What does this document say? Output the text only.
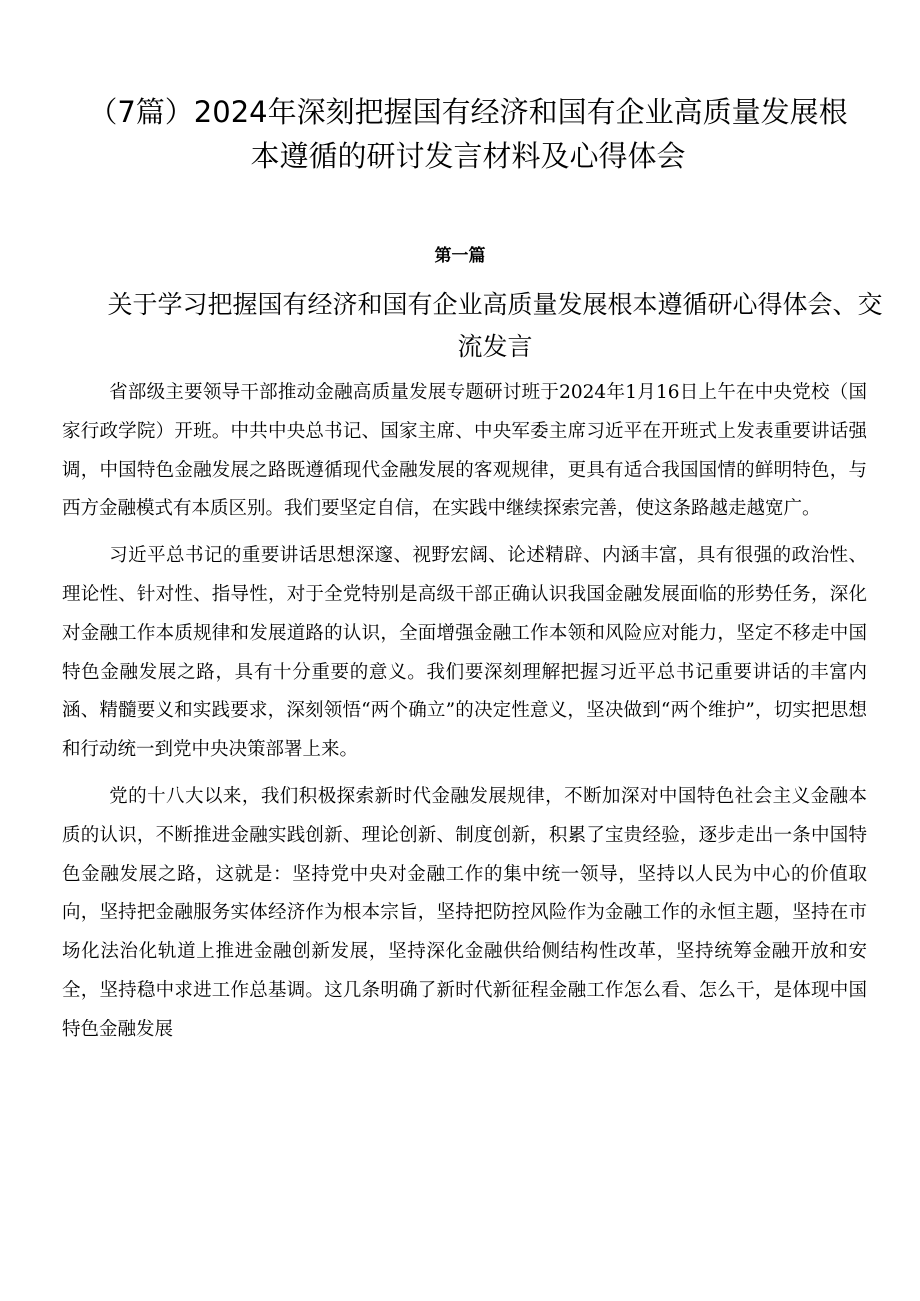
（7篇）2024年深刻把握国有经济和国有企业高质量发展根本遵循的研讨发言材料及心得体会
第一篇
关于学习把握国有经济和国有企业高质量发展根本遵循研心得体会、交流发言

省部级主要领导干部推动金融高质量发展专题研讨班于2024年1月16日上午在中央党校（国家行政学院）开班。中共中央总书记、国家主席、中央军委主席习近平在开班式上发表重要讲话强调，中国特色金融发展之路既遵循现代金融发展的客观规律，更具有适合我国国情的鲜明特色，与西方金融模式有本质区别。我们要坚定自信，在实践中继续探索完善，使这条路越走越宽广。

习近平总书记的重要讲话思想深邃、视野宏阔、论述精辟、内涵丰富，具有很强的政治性、理论性、针对性、指导性，对于全党特别是高级干部正确认识我国金融发展面临的形势任务，深化对金融工作本质规律和发展道路的认识，全面增强金融工作本领和风险应对能力，坚定不移走中国特色金融发展之路，具有十分重要的意义。我们要深刻理解把握习近平总书记重要讲话的丰富内涵、精髓要义和实践要求，深刻领悟“两个确立”的决定性意义，坚决做到“两个维护”，切实把思想和行动统一到党中央决策部署上来。

党的十八大以来，我们积极探索新时代金融发展规律，不断加深对中国特色社会主义金融本质的认识，不断推进金融实践创新、理论创新、制度创新，积累了宝贵经验，逐步走出一条中国特色金融发展之路，这就是：坚持党中央对金融工作的集中统一领导，坚持以人民为中心的价值取向，坚持把金融服务实体经济作为根本宗旨，坚持把防控风险作为金融工作的永恒主题，坚持在市场化法治化轨道上推进金融创新发展，坚持深化金融供给侧结构性改革，坚持统筹金融开放和安全，坚持稳中求进工作总基调。这几条明确了新时代新征程金融工作怎么看、怎么干，是体现中国特色金融发展
